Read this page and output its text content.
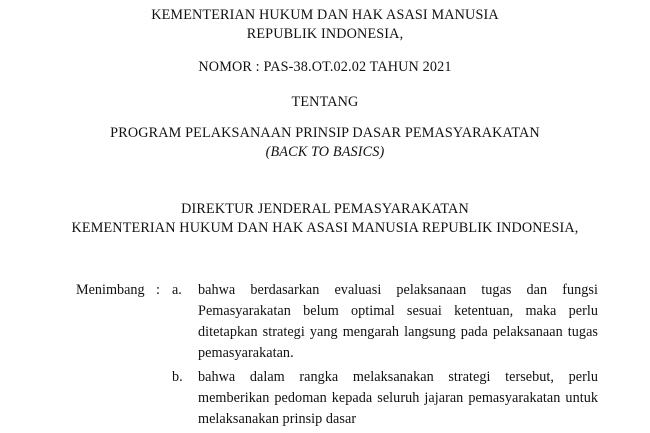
KEMENTERIAN HUKUM DAN HAK ASASI MANUSIA
REPUBLIK INDONESIA,
NOMOR : PAS-38.OT.02.02 TAHUN 2021
TENTANG
PROGRAM PELAKSANAAN PRINSIP DASAR PEMASYARAKATAN
(BACK TO BASICS)
DIREKTUR JENDERAL PEMASYARAKATAN
KEMENTERIAN HUKUM DAN HAK ASASI MANUSIA REPUBLIK INDONESIA,
Menimbang : a.	bahwa berdasarkan evaluasi pelaksanaan tugas dan fungsi Pemasyarakatan belum optimal sesuai ketentuan, maka perlu ditetapkan strategi yang mengarah langsung pada pelaksanaan tugas pemasyarakatan.
b.	bahwa dalam rangka melaksanakan strategi tersebut, perlu memberikan pedoman kepada seluruh jajaran pemasyarakatan untuk melaksanakan prinsip dasar
